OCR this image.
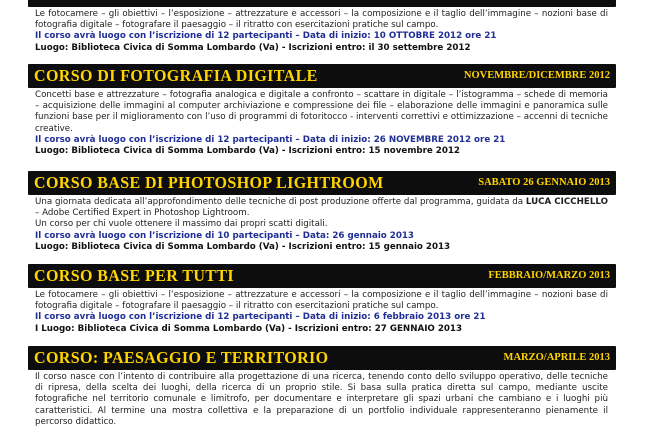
Le fotocamere – gli obiettivi – l’esposizione – attrezzature e accessori – la composizione e il taglio dell’immagine – nozioni base di fotografia digitale – fotografare il paesaggio – il ritratto con esercitazioni pratiche sul campo.

Il corso avrà luogo con l’iscrizione di 12 partecipanti – Data di inizio: 10 OTTOBRE 2012 ore 21

Luogo: Biblioteca Civica di Somma Lombardo (Va) - Iscrizioni entro: il 30 settembre 2012

CORSO DI FOTOGRAFIA DIGITALE	NOVEMBRE/DICEMBRE 2012

Concetti base e attrezzature – fotografia analogica e digitale a confronto – scattare in digitale – l’istogramma – schede di memoria – acquisizione delle immagini al computer archiviazione e compressione dei file – elaborazione delle immagini e panoramica sulle funzioni base per il miglioramento con l’uso di programmi di fotoritocco - interventi correttivi e ottimizzazione – accenni di tecniche creative.

Il corso avrà luogo con l’iscrizione di 12 partecipanti – Data di inizio: 26 NOVEMBRE 2012 ore 21

Luogo: Biblioteca Civica di Somma Lombardo (Va) - Iscrizioni entro: 15 novembre 2012

CORSO BASE DI PHOTOSHOP LIGHTROOM	SABATO 26 GENNAIO 2013

Una giornata dedicata all’approfondimento delle tecniche di post produzione offerte dal programma, guidata da LUCA CICCHELLO – Adobe Certified Expert in Photoshop Lightroom.

Un corso per chi vuole ottenere il massimo dai propri scatti digitali.

Il corso avrà luogo con l’iscrizione di 10 partecipanti – Data: 26 gennaio 2013

Luogo: Biblioteca Civica di Somma Lombardo (Va) - Iscrizioni entro: 15 gennaio 2013

CORSO BASE PER TUTTI	FEBBRAIO/MARZO 2013

Le fotocamere – gli obiettivi – l’esposizione – attrezzature e accessori – la composizione e il taglio dell’immagine – nozioni base di fotografia digitale – fotografare il paesaggio – il ritratto con esercitazioni pratiche sul campo.

Il corso avrà luogo con l’iscrizione di 12 partecipanti – Data di inizio: 6 febbraio 2013 ore 21

I Luogo: Biblioteca Civica di Somma Lombardo (Va) - Iscrizioni entro: 27 GENNAIO 2013

CORSO: PAESAGGIO E TERRITORIO	MARZO/APRILE 2013

Il corso nasce con l’intento di contribuire alla progettazione di una ricerca, tenendo conto dello sviluppo operativo, delle tecniche di ripresa, della scelta dei luoghi, della ricerca di un proprio stile. Si basa sulla pratica diretta sul campo, mediante uscite fotografiche nel territorio comunale e limitrofo, per documentare e interpretare gli spazi urbani che cambiano e i luoghi più caratteristici. Al termine una mostra collettiva e la preparazione di un portfolio individuale rappresenteranno pienamente il percorso didattico.
